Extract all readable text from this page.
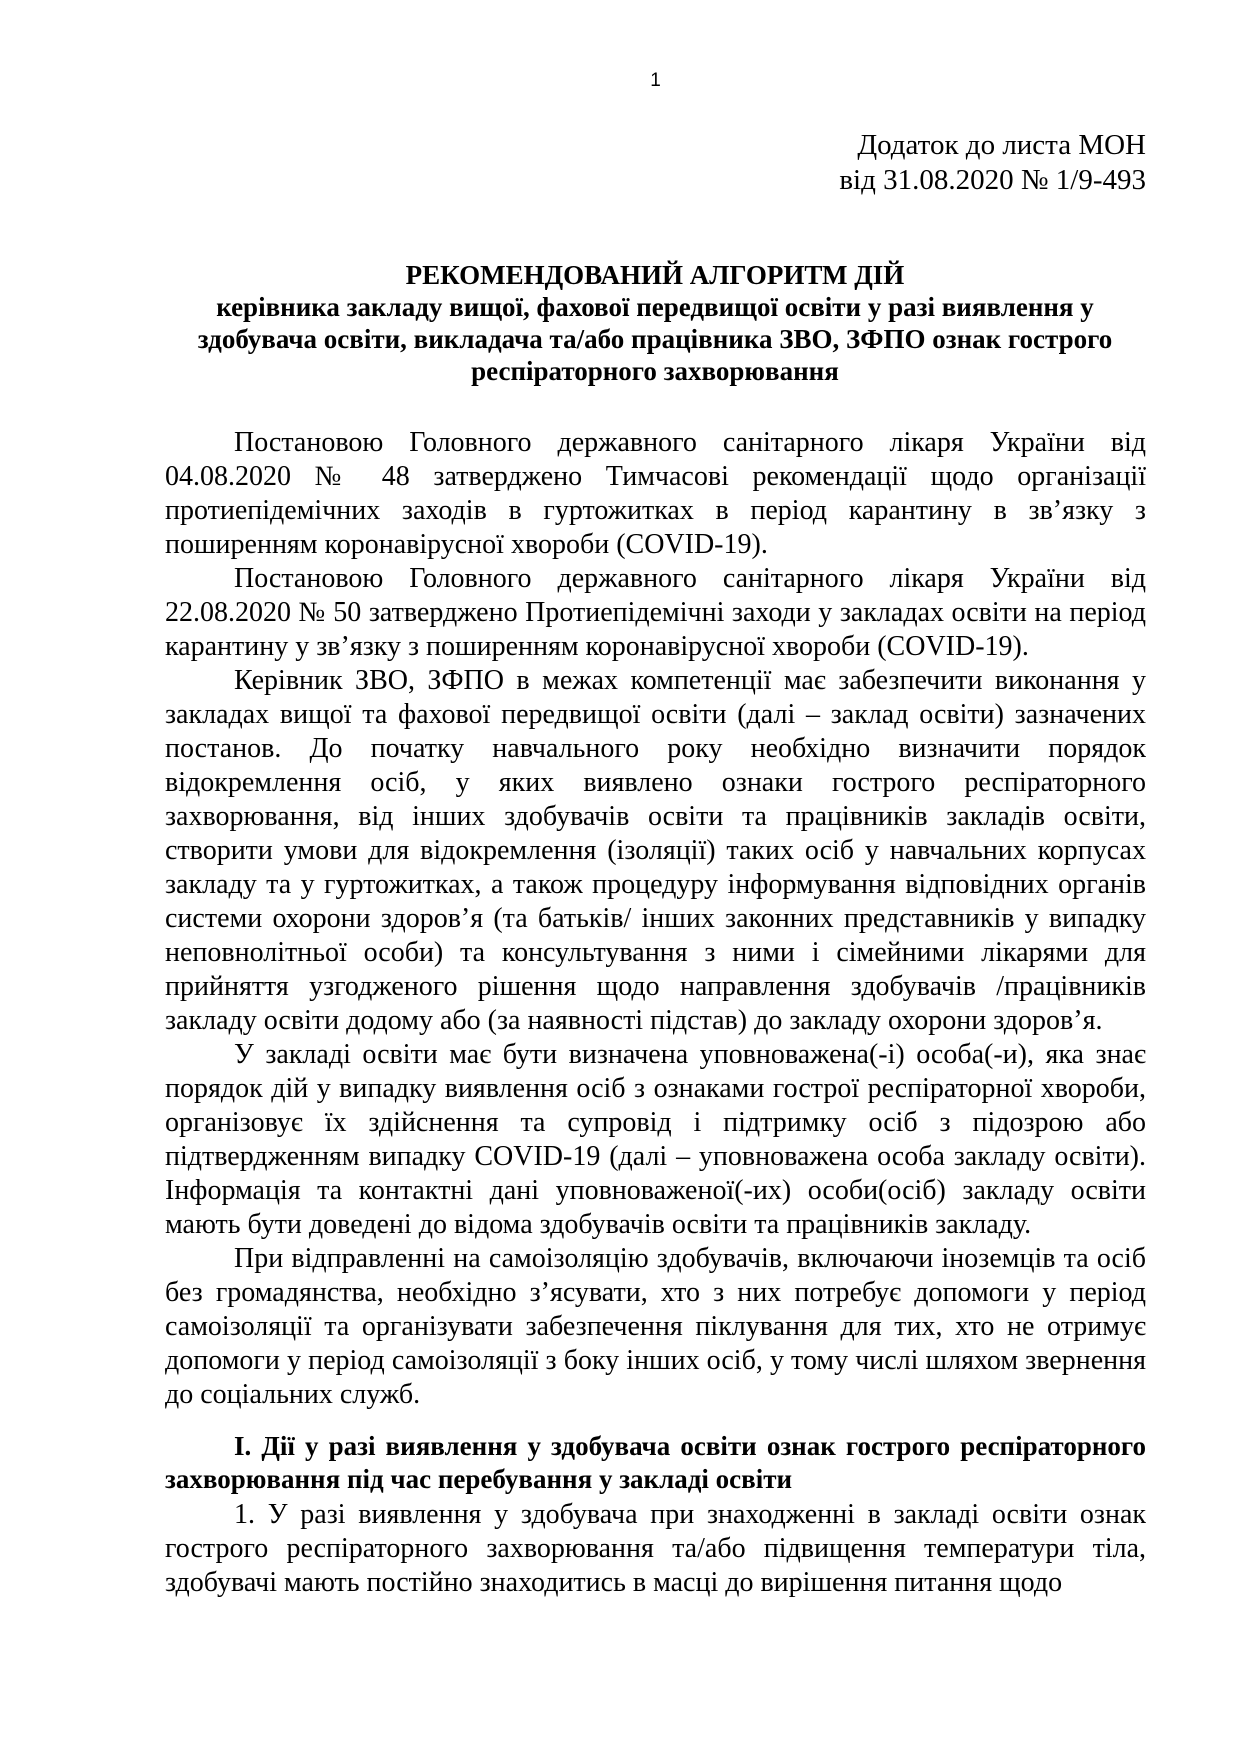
1
Додаток до листа МОН
від 31.08.2020 № 1/9-493
РЕКОМЕНДОВАНИЙ АЛГОРИТМ ДІЙ
керівника закладу вищої, фахової передвищої освіти у разі виявлення у здобувача освіти, викладача та/або працівника ЗВО, ЗФПО ознак гострого респіраторного захворювання

Постановою Головного державного санітарного лікаря України від 04.08.2020 № 48 затверджено Тимчасові рекомендації щодо організації протиепідемічних заходів в гуртожитках в період карантину в зв’язку з поширенням коронавірусної хвороби (COVID-19).

Постановою Головного державного санітарного лікаря України від 22.08.2020 № 50 затверджено Протиепідемічні заходи у закладах освіти на період карантину у зв’язку з поширенням коронавірусної хвороби (COVID-19).

Керівник ЗВО, ЗФПО в межах компетенції має забезпечити виконання у закладах вищої та фахової передвищої освіти (далі – заклад освіти) зазначених постанов. До початку навчального року необхідно визначити порядок відокремлення осіб, у яких виявлено ознаки гострого респіраторного захворювання, від інших здобувачів освіти та працівників закладів освіти, створити умови для відокремлення (ізоляції) таких осіб у навчальних корпусах закладу та у гуртожитках, а також процедуру інформування відповідних органів системи охорони здоров’я (та батьків/ інших законних представників у випадку неповнолітньої особи) та консультування з ними і сімейними лікарями для прийняття узгодженого рішення щодо направлення здобувачів /працівників закладу освіти додому або (за наявності підстав) до закладу охорони здоров’я.

У закладі освіти має бути визначена уповноважена(-і) особа(-и), яка знає порядок дій у випадку виявлення осіб з ознаками гострої респіраторної хвороби, організовує їх здійснення та супровід і підтримку осіб з підозрою або підтвердженням випадку COVID-19 (далі – уповноважена особа закладу освіти). Інформація та контактні дані уповноваженої(-их) особи(осіб) закладу освіти мають бути доведені до відома здобувачів освіти та працівників закладу.

При відправленні на самоізоляцію здобувачів, включаючи іноземців та осіб без громадянства, необхідно з’ясувати, хто з них потребує допомоги у період самоізоляції та організувати забезпечення піклування для тих, хто не отримує допомоги у період самоізоляції з боку інших осіб, у тому числі шляхом звернення до соціальних служб.

І. Дії у разі виявлення у здобувача освіти ознак гострого респіраторного захворювання під час перебування у закладі освіти

1. У разі виявлення у здобувача при знаходженні в закладі освіти ознак гострого респіраторного захворювання та/або підвищення температури тіла, здобувачі мають постійно знаходитись в масці до вирішення питання щодо
